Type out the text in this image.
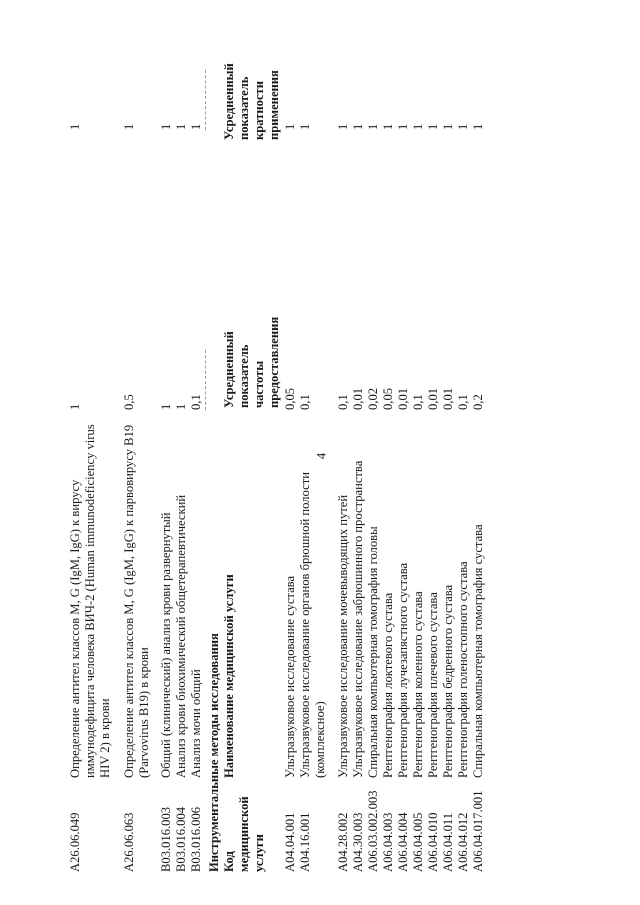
4
A26.06.049
Определение антител классов M, G (IgM, IgG) к вирусу иммунодефицита человека ВИЧ-2 (Human immunodeficiency virus HIV 2) в крови
1
1
A26.06.063
Определение антител классов M, G (IgM, IgG) к парвовирусу B19 (Parvovirus B19) в крови
0,5
1
B03.016.003
Общий (клинический) анализ крови развернутый
1
1
B03.016.004
Анализ крови биохимический общетерапевтический
1
1
B03.016.006
Анализ мочи общий
0,1
1
Инструментальные методы исследования Код медицинской услуги
Наименование медицинской услуги
Усредненный показатель частоты предоставления
Усредненный показатель кратности применения
A04.04.001
Ультразвуковое исследование сустава
0,05
1
A04.16.001
Ультразвуковое исследование органов брюшной полости (комплексное)
0,1
1
A04.28.002
Ультразвуковое исследование мочевыводящих путей
0,1
1
A04.30.003
Ультразвуковое исследование забрюшинного пространства
0,01
1
A06.03.002.003
Спиральная компьютерная томография головы
0,02
1
A06.04.003
Рентгенография локтевого сустава
0,05
1
A06.04.004
Рентгенография лучезапястного сустава
0,01
1
A06.04.005
Рентгенография коленного сустава
0,1
1
A06.04.010
Рентгенография плечевого сустава
0,01
1
A06.04.011
Рентгенография бедренного сустава
0,01
1
A06.04.012
Рентгенография голеностопного сустава
0,1
1
A06.04.017.001
Спиральная компьютерная томография сустава
0,2
1
